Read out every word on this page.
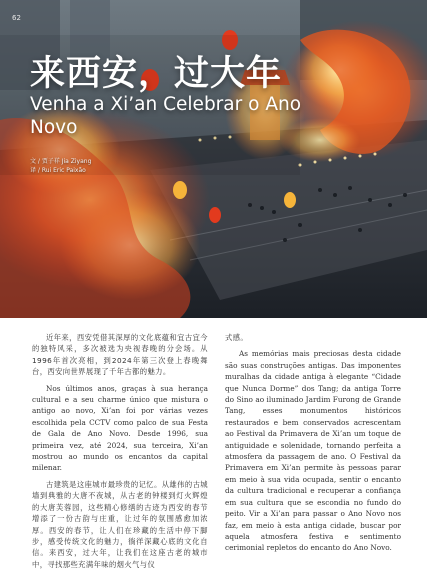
62
来西安，过大年
Venha a Xi’an Celebrar o Ano Novo
文 / 贾子祥 Jia Ziyang
译 / Rui Eric Paixão

近年来，西安凭借其深厚的文化底蕴和宜古宜今的独特风采，多次被选为央视春晚的分会场。从1996年首次亮相，到2024年第三次登上春晚舞台，西安向世界展现了千年古都的魅力。

Nos últimos anos, graças à sua herança cultural e a seu charme único que mistura o antigo ao novo, Xi’an foi por várias vezes escolhida pela CCTV como palco de sua Festa de Gala de Ano Novo. Desde 1996, sua primeira vez, até 2024, sua terceira, Xi’an mostrou ao mundo os encantos da capital milenar.

古建筑是这座城市最珍贵的记忆。从雄伟的古城墙到典雅的大唐不夜城，从古老的钟楼到灯火辉煌的大唐芙蓉园，这些精心修缮的古迹为西安的春节增添了一份古韵与庄重，让过年的氛围感愈加浓厚。西安的春节，让人们在珍藏的生活中停下脚步，感受传统文化的魅力，徜徉深藏心底的文化自信。来西安，过大年，让我们在这座古老的城市中，寻找那些充满年味的烟火气与仪

式感。

As memórias mais preciosas desta cidade são suas construções antigas. Das imponentes muralhas da cidade antiga à elegante “Cidade que Nunca Dorme” dos Tang; da antiga Torre do Sino ao iluminado Jardim Furong de Grande Tang, esses monumentos históricos restaurados e bem conservados acrescentam ao Festival da Primavera de Xi’an um toque de antiguidade e solenidade, tornando perfeita a atmosfera da passagem de ano. O Festival da Primavera em Xi’an permite às pessoas parar em meio à sua vida ocupada, sentir o encanto da cultura tradicional e recuperar a confiança em sua cultura que se escondia no fundo do peito. Vir a Xi’an para passar o Ano Novo nos faz, em meio à esta antiga cidade, buscar por aquela atmosfera festiva e sentimento cerimonial repletos do encanto do Ano Novo.
